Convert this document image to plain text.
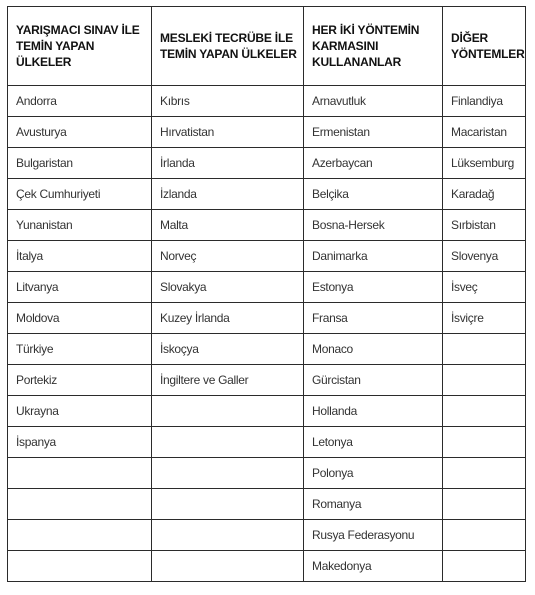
YARIŞMACI SINAV İLE TEMİN YAPAN ÜLKELER	MESLEKİ TECRÜBE İLE TEMİN YAPAN ÜLKELER	HER İKİ YÖNTEMİN KARMASINI KULLANANLAR	DİĞER YÖNTEMLER
Andorra	Kıbrıs	Arnavutluk	Finlandiya
Avusturya	Hırvatistan	Ermenistan	Macaristan
Bulgaristan	İrlanda	Azerbaycan	Lüksemburg
Çek Cumhuriyeti	İzlanda	Belçika	Karadağ
Yunanistan	Malta	Bosna-Hersek	Sırbistan
İtalya	Norveç	Danimarka	Slovenya
Litvanya	Slovakya	Estonya	İsveç
Moldova	Kuzey İrlanda	Fransa	İsviçre
Türkiye	İskoçya	Monaco	
Portekiz	İngiltere ve Galler	Gürcistan	
Ukrayna		Hollanda	
İspanya		Letonya	
		Polonya	
		Romanya	
		Rusya Federasyonu	
		Makedonya	
